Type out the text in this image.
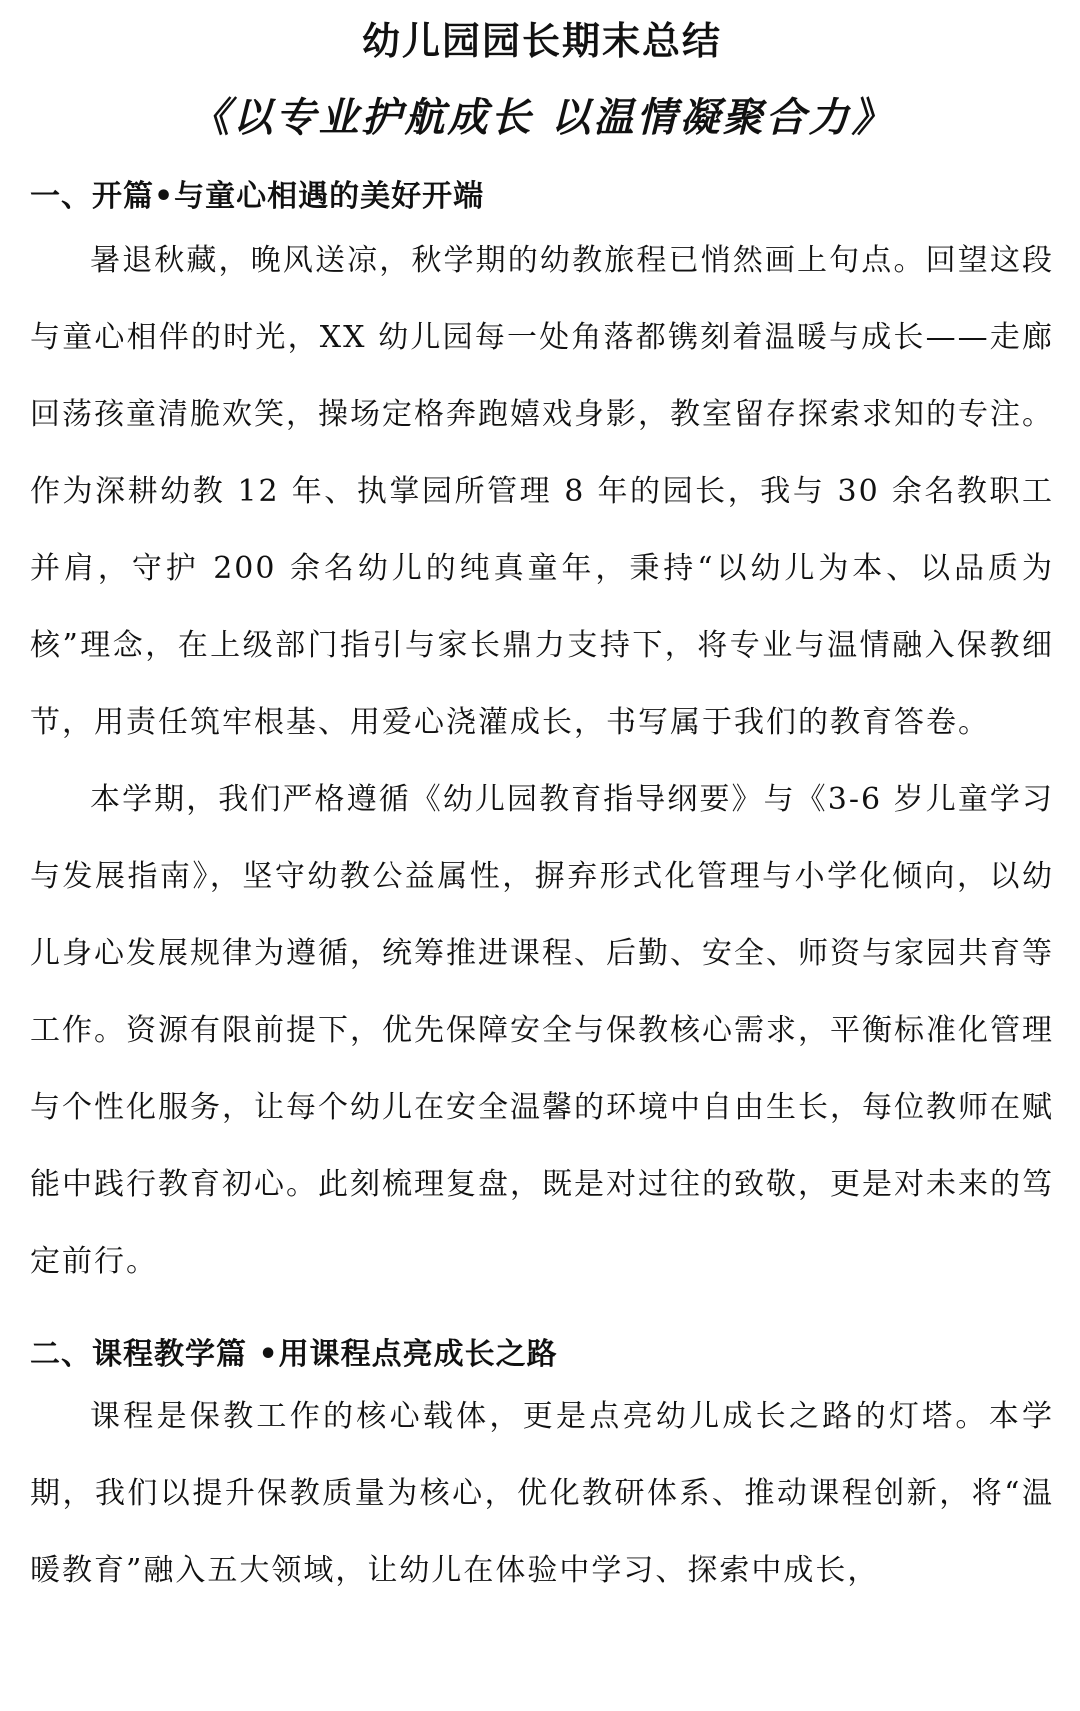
幼儿园园长期末总结
《以专业护航成长 以温情凝聚合力》
一、开篇•与童心相遇的美好开端

暑退秋藏，晚风送凉，秋学期的幼教旅程已悄然画上句点。回望这段与童心相伴的时光，XX 幼儿园每一处角落都镌刻着温暖与成长——走廊回荡孩童清脆欢笑，操场定格奔跑嬉戏身影，教室留存探索求知的专注。作为深耕幼教 12 年、执掌园所管理 8 年的园长，我与 30 余名教职工并肩，守护 200 余名幼儿的纯真童年，秉持“以幼儿为本、以品质为核”理念，在上级部门指引与家长鼎力支持下，将专业与温情融入保教细节，用责任筑牢根基、用爱心浇灌成长，书写属于我们的教育答卷。

本学期，我们严格遵循《幼儿园教育指导纲要》与《3-6 岁儿童学习与发展指南》，坚守幼教公益属性，摒弃形式化管理与小学化倾向，以幼儿身心发展规律为遵循，统筹推进课程、后勤、安全、师资与家园共育等工作。资源有限前提下，优先保障安全与保教核心需求，平衡标准化管理与个性化服务，让每个幼儿在安全温馨的环境中自由生长，每位教师在赋能中践行教育初心。此刻梳理复盘，既是对过往的致敬，更是对未来的笃定前行。

二、课程教学篇 •用课程点亮成长之路

课程是保教工作的核心载体，更是点亮幼儿成长之路的灯塔。本学期，我们以提升保教质量为核心，优化教研体系、推动课程创新，将“温暖教育”融入五大领域，让幼儿在体验中学习、探索中成长，
